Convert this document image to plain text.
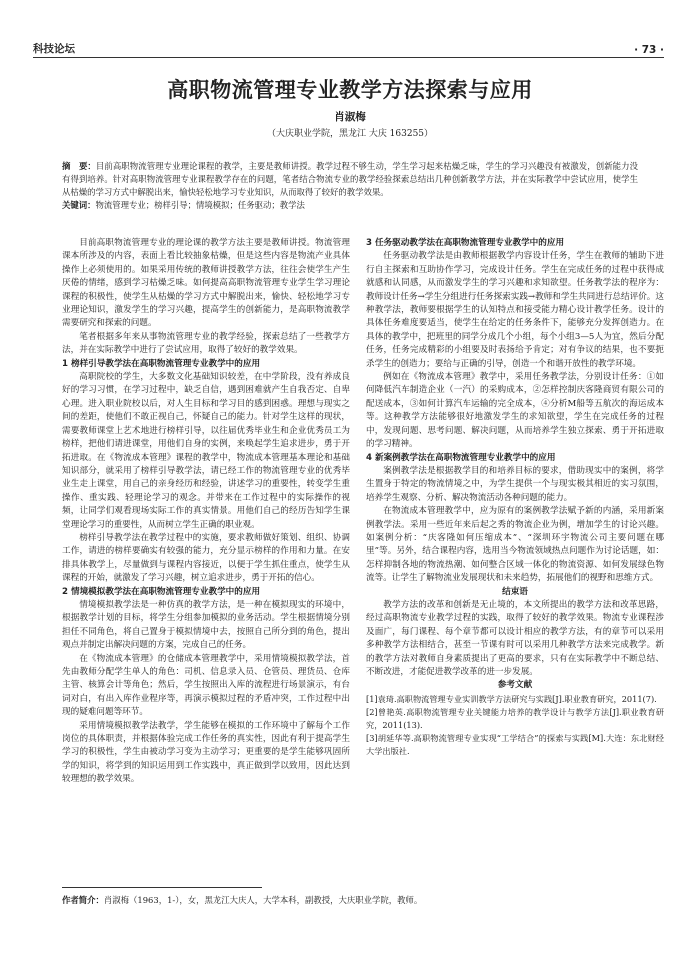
科技论坛	· 73 ·
高职物流管理专业教学方法探索与应用
肖淑梅
（大庆职业学院，黑龙江 大庆 163255）
摘　要：目前高职物流管理专业理论课程的教学，主要是教师讲授。教学过程不够生动，学生学习起来枯燥乏味，学生的学习兴趣没有被激发，创新能力没有得到培养。针对高职物流管理专业课程教学存在的问题，笔者结合物流专业的教学经验探索总结出几种创新教学方法，并在实际教学中尝试应用，使学生从枯燥的学习方式中解脱出来，愉快轻松地学习专业知识，从而取得了较好的教学效果。
关键词：物流管理专业；榜样引导；情境模拟；任务驱动；教学法

目前高职物流管理专业的理论课的教学方法主要是教师讲授。物流管理课本所涉及的内容，表面上看比较抽象枯燥，但是这些内容是物流产业具体操作上必须使用的。如果采用传统的教师讲授教学方法，往往会使学生产生厌倦的情绪，感到学习枯燥乏味。如何提高高职物流管理专业学生学习理论课程的积极性，使学生从枯燥的学习方式中解脱出来，愉快、轻松地学习专业理论知识，激发学生的学习兴趣，提高学生的创新能力，是高职物流教学需要研究和探索的问题。

笔者根据多年来从事物流管理专业的教学经验，探索总结了一些教学方法，并在实际教学中进行了尝试应用，取得了较好的教学效果。

1 榜样引导教学法在高职物流管理专业教学中的应用

高职院校的学生，大多数文化基础知识较差，在中学阶段，没有养成良好的学习习惯，在学习过程中，缺乏自信，遇到困难就产生自我否定、自卑心理。进入职业院校以后，对人生目标和学习目的感到困惑。理想与现实之间的差距，使他们不敢正视自己，怀疑自己的能力。针对学生这样的现状，需要教师课堂上艺术地进行榜样引导，以往届优秀毕业生和企业优秀员工为榜样，把他们请进课堂，用他们自身的实例，来唤起学生追求进步，勇于开拓进取。在《物流成本管理》课程的教学中，物流成本管理基本理论和基础知识部分，就采用了榜样引导教学法，请已经工作的物流管理专业的优秀毕业生走上课堂，用自己的亲身经历和经验，讲述学习的重要性，转变学生重操作、重实践、轻理论学习的观念。并带来在工作过程中的实际操作的视频，让同学们观看现场实际工作的真实情景。用他们自己的经历告知学生课堂理论学习的重要性，从而树立学生正确的职业观。

榜样引导教学法在教学过程中的实施，要求教师做好策划、组织、协调工作，请进的榜样要确实有较强的能力，充分显示榜样的作用和力量。在安排具体教学上，尽量做到与课程内容接近，以便于学生抓住重点，使学生从课程的开始，就激发了学习兴趣，树立追求进步，勇于开拓的信心。

2 情境模拟教学法在高职物流管理专业教学中的应用

情境模拟教学法是一种仿真的教学方法，是一种在模拟现实的环境中，根据教学计划的目标，将学生分组参加模拟的业务活动。学生根据情境分别担任不同角色，将自己置身于模拟情境中去，按照自己所分到的角色，提出观点并制定出解决问题的方案，完成自己的任务。

在《物流成本管理》的仓储成本管理教学中，采用情境模拟教学法，首先由教师分配学生单人的角色：司机、信息录入员、仓管员、理货员、仓库主管、核算会计等角色；然后，学生按照出入库的流程进行场景演示，有台词对白，有出入库作业程序等，再演示模拟过程的矛盾冲突，工作过程中出现的疑难问题等环节。

采用情境模拟教学法教学，学生能够在模拟的工作环境中了解每个工作岗位的具体职责，并根据体验完成工作任务的真实性，因此有利于提高学生学习的积极性，学生由被动学习变为主动学习；更重要的是学生能够巩固所学的知识，将学到的知识运用到工作实践中，真正做到学以致用，因此达到较理想的教学效果。

3 任务驱动教学法在高职物流管理专业教学中的应用

任务驱动教学法是由教师根据教学内容设计任务，学生在教师的辅助下进行自主探索和互助协作学习，完成设计任务。学生在完成任务的过程中获得成就感和认同感，从而激发学生的学习兴趣和求知欲望。任务教学法的程序为：教师设计任务→学生分组进行任务探索实践→教师和学生共同进行总结评价。这种教学法，教师要根据学生的认知特点和接受能力精心设计教学任务。设计的具体任务难度要适当，使学生在给定的任务条件下，能够充分发挥创造力。在具体的教学中，把班里的同学分成几个小组，每个小组3—5人为宜，然后分配任务，任务完成精彩的小组要及时表扬给予肯定；对有争议的结果，也不要扼杀学生的创造力；要给与正确的引导，创造一个和谐开放性的教学环境。

例如在《物流成本管理》教学中，采用任务教学法，分别设计任务：①如何降低汽车制造企业（一汽）的采购成本，②怎样控制庆客隆商贸有限公司的配送成本，③如何计算汽车运输的完全成本，④分析M船等五航次的海运成本等。这种教学方法能够很好地激发学生的求知欲望，学生在完成任务的过程中，发现问题、思考问题、解决问题，从而培养学生独立探索、勇于开拓进取的学习精神。

4 新案例教学法在高职物流管理专业教学中的应用

案例教学法是根据教学目的和培养目标的要求，借助现实中的案例，将学生置身于特定的物流情境之中，为学生提供一个与现实极其相近的实习氛围，培养学生观察、分析、解决物流活动各种问题的能力。

在物流成本管理教学中，应为原有的案例教学法赋予新的内涵，采用新案例教学法。采用一些近年来后起之秀的物流企业为例，增加学生的讨论兴趣。如案例分析：“庆客隆如何压缩成本”、“深圳环宇物流公司主要问题在哪里”等。另外，结合课程内容，选用当今物流领域热点问题作为讨论话题，如：怎样抑制各地的物流热潮、如何整合区域一体化的物流资源、如何发展绿色物流等。让学生了解物流业发展现状和未来趋势，拓展他们的视野和思维方式。

结束语

教学方法的改革和创新是无止境的，本文所提出的教学方法和改革思路，经过高职物流专业教学过程的实践，取得了较好的教学效果。物流专业课程涉及面广，每门课程、每个章节都可以设计相应的教学方法，有的章节可以采用多种教学方法相结合，甚至一节课有时可以采用几种教学方法来完成教学。新的教学方法对教师自身素质提出了更高的要求，只有在实际教学中不断总结、不断改进，才能促进教学改革的进一步发展。

参考文献

[1]袁琦.高职物流管理专业实训教学方法研究与实践[J].职业教育研究，2011(7).

[2]曾艳英.高职物流管理专业关键能力培养的教学设计与教学方法[J].职业教育研究，2011(13).

[3]胡延华等.高职物流管理专业实现“工学结合”的探索与实践[M].大连：东北财经大学出版社.

作者简介：肖淑梅（1963，1-），女，黑龙江大庆人，大学本科，副教授，大庆职业学院，教师。
